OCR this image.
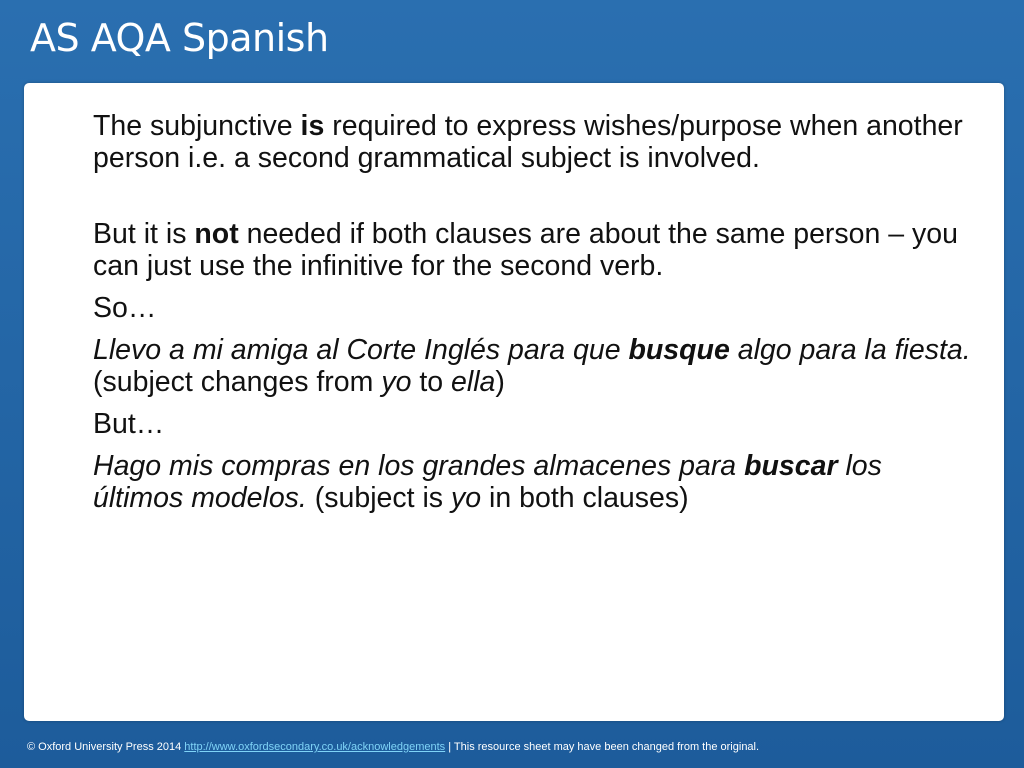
AS AQA Spanish

The subjunctive is required to express wishes/purpose when another person i.e. a second grammatical subject is involved.

But it is not needed if both clauses are about the same person – you can just use the infinitive for the second verb.

So…

Llevo a mi amiga al Corte Inglés para que busque algo para la fiesta. (subject changes from yo to ella)

But…

Hago mis compras en los grandes almacenes para buscar los últimos modelos. (subject is yo in both clauses)

© Oxford University Press 2014 http://www.oxfordsecondary.co.uk/acknowledgements | This resource sheet may have been changed from the original.
